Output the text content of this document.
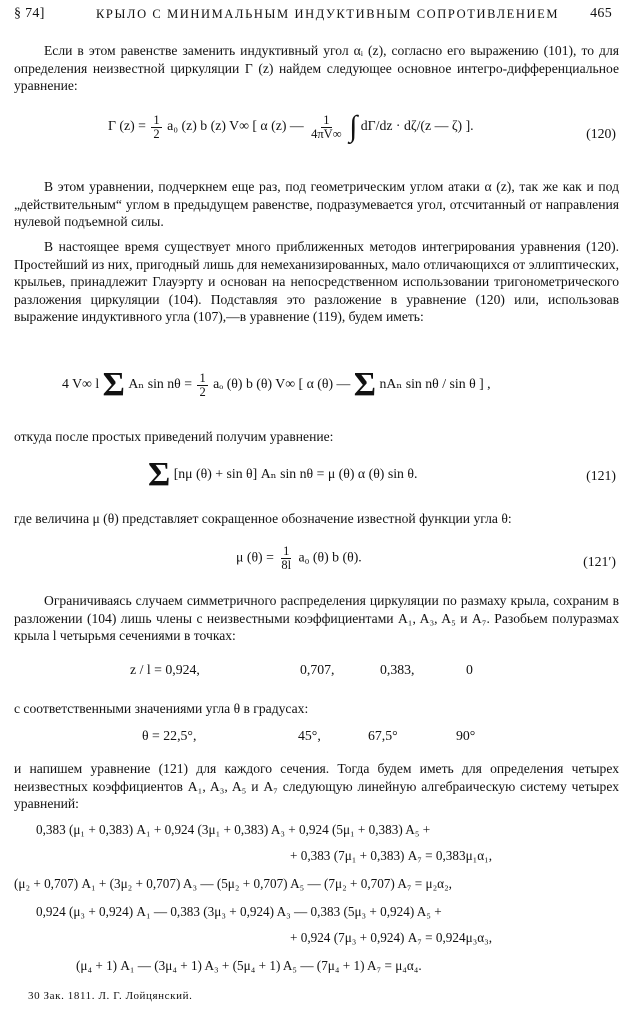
§ 74]	КРЫЛО С МИНИМАЛЬНЫМ ИНДУКТИВНЫМ СОПРОТИВЛЕНИЕМ 465
Если в этом равенстве заменить индуктивный угол αᵢ (z), согласно его выражению (101), то для определения неизвестной циркуляции Γ (z) найдем следующее основное интегро-дифференциальное уравнение:
Γ $(z) = \frac{1}{2} a_0$ (z) b (z) V∞ [ α (z) — $\frac{1}{4\pi V\infty}$ ∫ dΓ/dz · dζ/(z — ζ) ].
(120)
В этом уравнении, подчеркнем еще раз, под геометрическим углом атаки α (z), так же как и под „действительным“ углом в предыдущем равенстве, подразумевается угол, отсчитанный от направления нулевой подъемной силы.
В настоящее время существует много приближенных методов интегрирования уравнения (120). Простейший из них, пригодный лишь для немеханизированных, мало отличающихся от эллиптических, крыльев, принадлежит Глауэрту и основан на непосредственном использовании тригонометрического разложения циркуляции (104). Подставляя это разложение в уравнение (120) или, использовав выражение индуктивного угла (107),—в уравнение (119), будем иметь:
4 V∞ l Σ Aₙ $\sin n\theta = \frac{1}{2}$ aₒ (θ) b (θ) V∞ [ α (θ) — Σ nAₙ sin nθ / sin θ ] ,
откуда после простых приведений получим уравнение:
Σ [nμ (θ) + sin θ] Aₙ sin nθ = μ (θ) α (θ) sin θ.	(121)
где величина μ (θ) представляет сокращенное обозначение известной функции угла θ:
μ $(\theta) = \frac{1}{8l} a_0$ (θ) b (θ).	(121′)
Ограничиваясь случаем симметричного распределения циркуляции по размаху крыла, сохраним в разложении (104) лишь члены с неизвестными коэффициентами A₁, A₃, A₅ и A₇. Разобьем полуразмах крыла l четырьмя сечениями в точках:
z / l = 0,924,	0,707,	0,383,	0
с соответственными значениями угла θ в градусах:
θ = 22,5°,	45°,	67,5°	90°
и напишем уравнение (121) для каждого сечения. Тогда будем иметь для определения четырех неизвестных коэффициентов A₁, A₃, A₅ и A₇ следующую линейную алгебраическую систему четырех уравнений:
0,383 (μ₁ + 0,383) A₁ + 0,924 (3μ₁ + 0,383) A₃ + 0,924 (5μ₁ + 0,383) A₅ +
+ 0,383 (7μ₁ + 0,383) A₇ = 0,383μ₁α₁,
(μ₂ + 0,707) A₁ + (3μ₂ + 0,707) A₃ — (5μ₂ + 0,707) A₅ — (7μ₂ + 0,707) A₇ = μ₂α₂,
0,924 (μ₃ + 0,924) A₁ — 0,383 (3μ₃ + 0,924) A₃ — 0,383 (5μ₃ + 0,924) A₅ +
+ 0,924 (7μ₃ + 0,924) A₇ = 0,924μ₃α₃,
(μ₄ + 1) A₁ — (3μ₄ + 1) A₃ + (5μ₄ + 1) A₅ — (7μ₄ + 1) A₇ = μ₄α₄.
30 Зак. 1811. Л. Г. Лойцянский.
